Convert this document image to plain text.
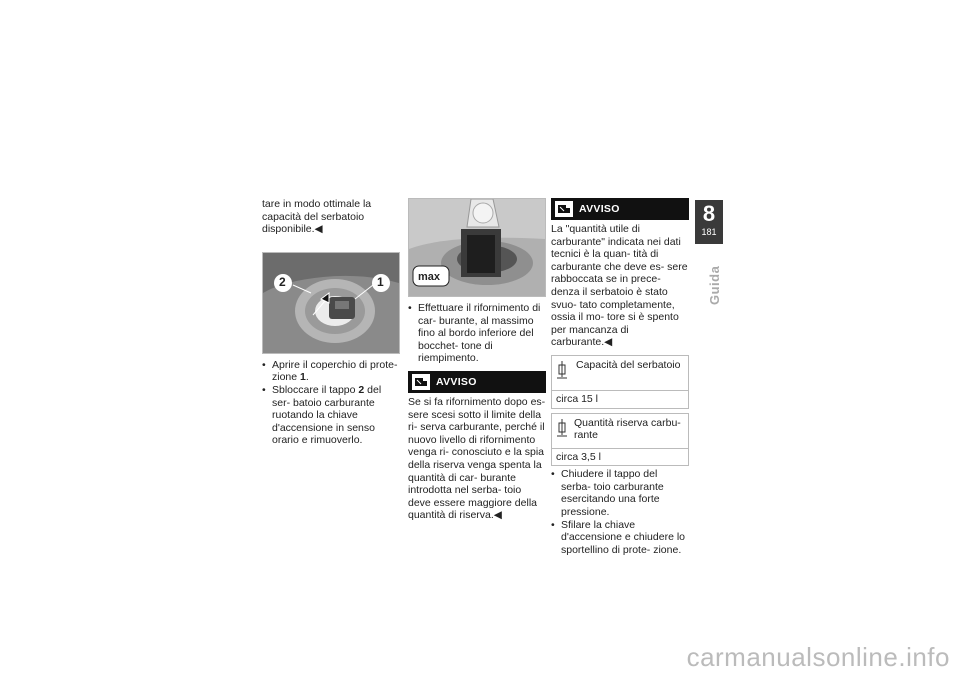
tare in modo ottimale la capacità del serbatoio disponibile.◀

2	1

• Aprire il coperchio di prote- zione 1.

• Sbloccare il tappo 2 del ser- batoio carburante ruotando la chiave d'accensione in senso orario e rimuoverlo.

max

• Effettuare il rifornimento di car- burante, al massimo fino al bordo inferiore del bocchet- tone di riempimento.

AVVISO

Se si fa rifornimento dopo es- sere scesi sotto il limite della ri- serva carburante, perché il nuovo livello di rifornimento venga ri- conosciuto e la spia della riserva venga spenta la quantità di car- burante introdotta nel serba- toio deve essere maggiore della quantità di riserva.◀

AVVISO

La "quantità utile di carburante" indicata nei dati tecnici è la quan- tità di carburante che deve es- sere rabboccata se in prece- denza il serbatoio è stato svuo- tato completamente, ossia il mo- tore si è spento per mancanza di carburante.◀

Capacità del serbatoio
circa 15 l
Quantità riserva carbu- rante
circa 3,5 l

• Chiudere il tappo del serba- toio carburante esercitando una forte pressione.

• Sfilare la chiave d'accensione e chiudere lo sportellino di prote- zione.

8
181
Guida
carmanualsonline.info
